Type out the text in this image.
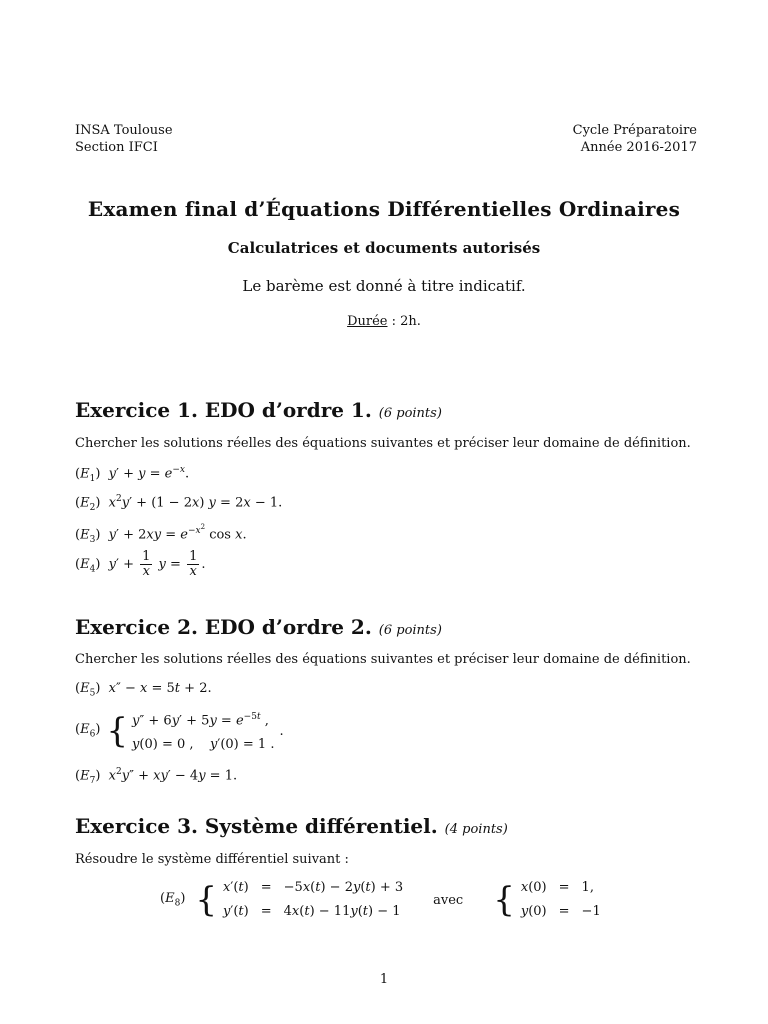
INSA Toulouse
Section IFCI
Cycle Préparatoire
Année 2016-2017
Examen final d’Équations Différentielles Ordinaires
Calculatrices et documents autorisés
Le barème est donné à titre indicatif.
Durée : 2h.
Exercice 1. EDO d’ordre 1. (6 points)
Chercher les solutions réelles des équations suivantes et préciser leur domaine de définition.
$(E_1) y' + y = e^{-x}$.
$(E_2) x^2y' + (1 - 2x) y = 2x - 1$.
$(E_3) y' + 2xy = e^{-x^2}$ cos x.
$(E_4) y' + \frac{1}{x}$ $y = \frac{1}{x}$ .
Exercice 2. EDO d’ordre 2. (6 points)
Chercher les solutions réelles des équations suivantes et préciser leur domaine de définition.
$(E_5) x'' - x = 5t + 2$.
$(E_6)$	{	$y'' + 6y' + 5y = e^{-5t}$ ,
y(0) = 0 ,    y′(0) = 1 .
	.
$(E_7) x^2y'' + xy' - 4y = 1$.
Exercice 3. Système différentiel. (4 points)
Résoudre le système différentiel suivant :
$(E_8)$	{	x′(t)	=	−5x(t) − 2y(t) + 3
y′(t)	=	4x(t) − 11y(t) − 1
	avec	{	x(0)	=	1,
y(0)	=	−1
1
